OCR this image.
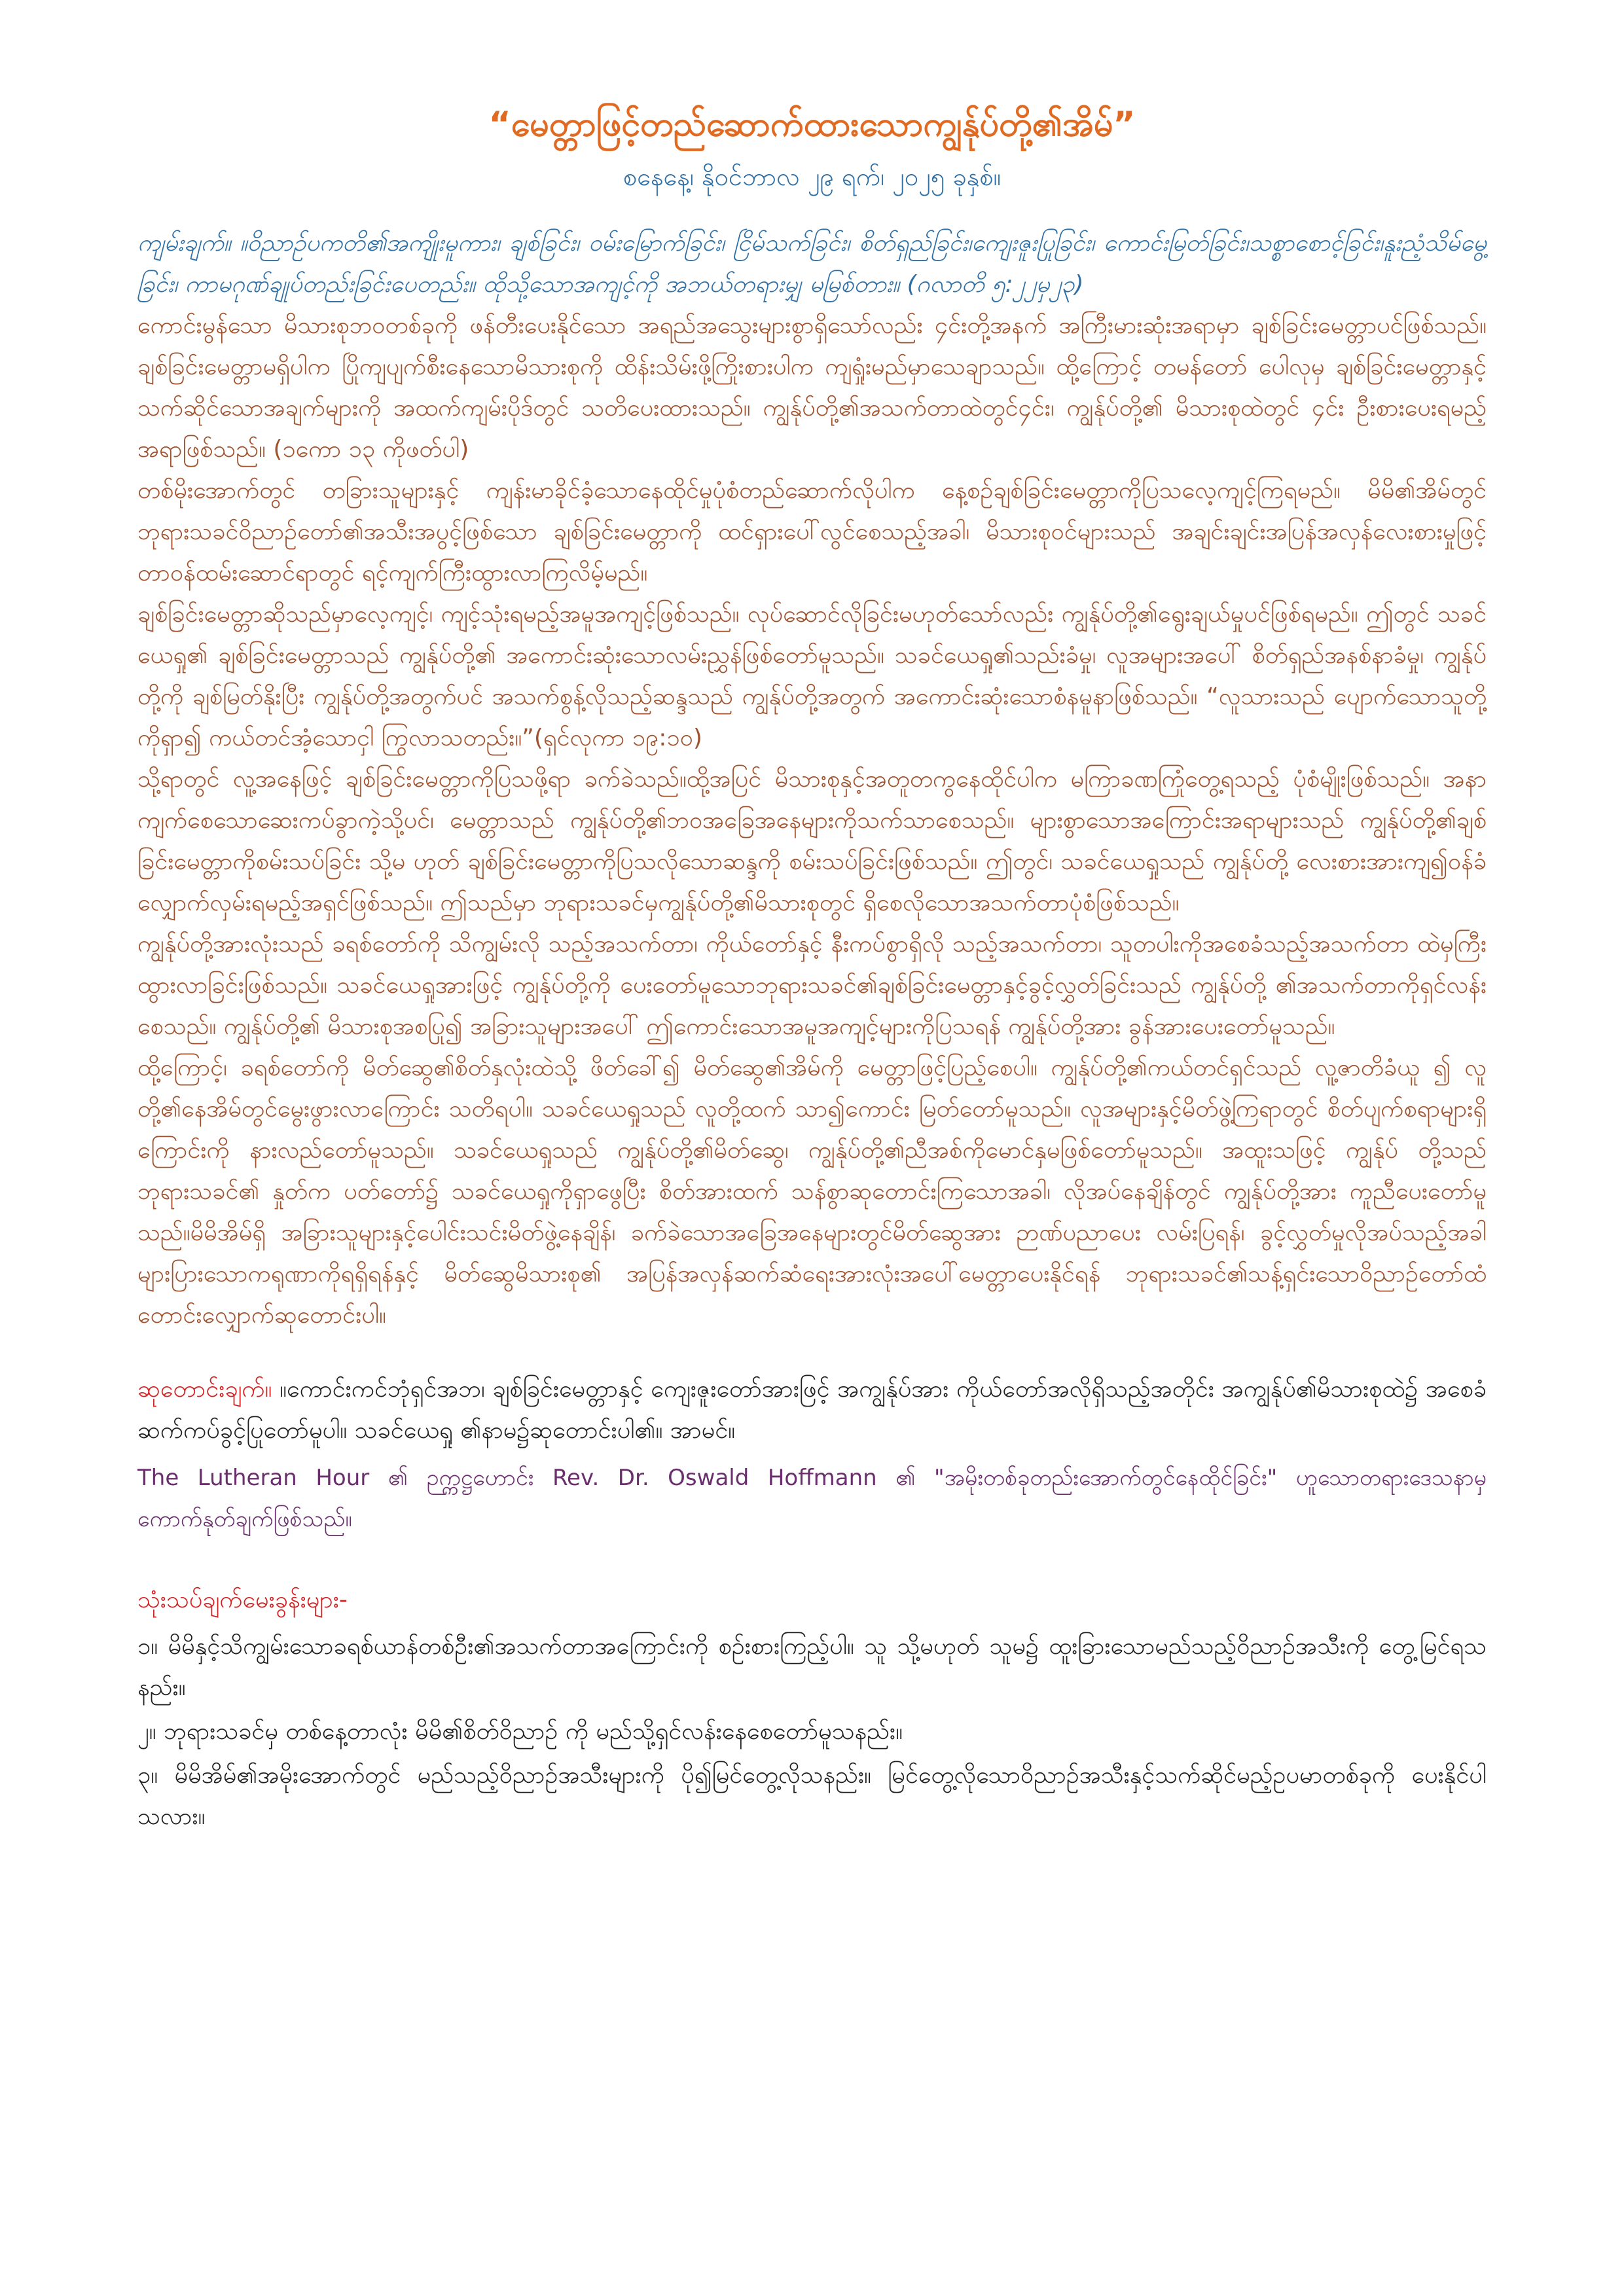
“မေတ္တာဖြင့်တည်ဆောက်ထားသောကျွန်ုပ်တို့၏အိမ်”
စနေနေ့၊ နိုဝင်ဘာလ ၂၉ ရက်၊ ၂၀၂၅ ခုနှစ်။

ကျမ်းချက်။ ။ဝိညာဉ်ပကတိ၏အကျိုးမူကား၊ ချစ်ခြင်း၊ ဝမ်းမြောက်ခြင်း၊ ငြိမ်သက်ခြင်း၊ စိတ်ရှည်ခြင်း၊ကျေးဇူးပြုခြင်း၊ ကောင်းမြတ်ခြင်း၊သစ္စာစောင့်ခြင်း၊နူးညံ့သိမ်မွေ့ခြင်း၊ ကာမဂုဏ်ချုပ်တည်းခြင်းပေတည်း။ ထိုသို့သောအကျင့်ကို အဘယ်တရားမျှ မမြစ်တား။ (ဂလာတိ ၅:၂၂မှ၂၃)

ကောင်းမွန်သော မိသားစုဘဝတစ်ခုကို ဖန်တီးပေးနိုင်သော အရည်အသွေးများစွာရှိသော်လည်း ၄င်းတို့အနက် အကြီးမားဆုံးအရာမှာ ချစ်ခြင်းမေတ္တာပင်ဖြစ်သည်။ ချစ်ခြင်းမေတ္တာမရှိပါက ပြိုကျပျက်စီးနေသောမိသားစုကို ထိန်းသိမ်းဖို့ကြိုးစားပါက ကျရှုံးမည်မှာသေချာသည်။ ထို့ကြောင့် တမန်တော် ပေါလုမှ ချစ်ခြင်းမေတ္တာနှင့်သက်ဆိုင်သောအချက်များကို အထက်ကျမ်းပိုဒ်တွင် သတိပေးထားသည်။ ကျွန်ုပ်တို့၏အသက်တာထဲတွင်၄င်း၊ ကျွန်ုပ်တို့၏ မိသားစုထဲတွင် ၄င်း ဦးစားပေးရမည့်အရာဖြစ်သည်။ (၁ကော ၁၃ ကိုဖတ်ပါ)

တစ်မိုးအောက်တွင် တခြားသူများနှင့် ကျန်းမာခိုင်ခံ့သောနေထိုင်မှုပုံစံတည်ဆောက်လိုပါက နေ့စဉ်ချစ်ခြင်းမေတ္တာကိုပြသလေ့ကျင့်ကြရမည်။ မိမိ၏အိမ်တွင် ဘုရားသခင်ဝိညာဉ်တော်၏အသီးအပွင့်ဖြစ်သော ချစ်ခြင်းမေတ္တာကို ထင်ရှားပေါ်လွင်စေသည့်အခါ၊ မိသားစုဝင်များသည် အချင်းချင်းအပြန်အလှန်လေးစားမှုဖြင့် တာဝန်ထမ်းဆောင်ရာတွင် ရင့်ကျက်ကြီးထွားလာကြလိမ့်မည်။

ချစ်ခြင်းမေတ္တာဆိုသည်မှာလေ့ကျင့်၊ ကျင့်သုံးရမည့်အမူအကျင့်ဖြစ်သည်။ လုပ်ဆောင်လိုခြင်းမဟုတ်သော်လည်း ကျွန်ုပ်တို့၏ရွေးချယ်မှုပင်ဖြစ်ရမည်။ ဤတွင် သခင်ယေရှု၏ ချစ်ခြင်းမေတ္တာသည် ကျွန်ုပ်တို့၏ အကောင်းဆုံးသောလမ်းညွှန်ဖြစ်တော်မူသည်။ သခင်ယေရှု၏သည်းခံမှု၊ လူအများအပေါ် စိတ်ရှည်အနစ်နာခံမှု၊ ကျွန်ုပ်တို့ကို ချစ်မြတ်နိုးပြီး ကျွန်ုပ်တို့အတွက်ပင် အသက်စွန့်လိုသည့်ဆန္ဒသည် ကျွန်ုပ်တို့အတွက် အကောင်းဆုံးသောစံနမူနာဖြစ်သည်။ “လူသားသည် ပျောက်သောသူတို့ကိုရှာ၍ ကယ်တင်အံ့သောငှါ ကြွလာသတည်း။”(ရှင်လုကာ ၁၉:၁၀)

သို့ရာတွင် လူ့အနေဖြင့် ချစ်ခြင်းမေတ္တာကိုပြသဖို့ရာ ခက်ခဲသည်။ထို့အပြင် မိသားစုနှင့်အတူတကွနေထိုင်ပါက မကြာခဏကြုံတွေ့ရသည့် ပုံစံမျိုးဖြစ်သည်။ အနာကျက်စေသောဆေးကပ်ခွာကဲ့သို့ပင်၊ မေတ္တာသည် ကျွန်ုပ်တို့၏ဘဝအခြေအနေများကိုသက်သာစေသည်။ များစွာသောအကြောင်းအရာများသည် ကျွန်ုပ်တို့၏ချစ်ခြင်းမေတ္တာကိုစမ်းသပ်ခြင်း သို့မ ဟုတ် ချစ်ခြင်းမေတ္တာကိုပြသလိုသောဆန္ဒကို စမ်းသပ်ခြင်းဖြစ်သည်။ ဤတွင်၊ သခင်ယေရှုသည် ကျွန်ုပ်တို့ လေးစားအားကျ၍ဝန်ခံလျှောက်လှမ်းရမည့်အရှင်ဖြစ်သည်။ ဤသည်မှာ ဘုရားသခင်မှကျွန်ုပ်တို့၏မိသားစုတွင် ရှိစေလိုသောအသက်တာပုံစံဖြစ်သည်။

ကျွန်ုပ်တို့အားလုံးသည် ခရစ်တော်ကို သိကျွမ်းလို သည့်အသက်တာ၊ ကိုယ်တော်နှင့် နီးကပ်စွာရှိလို သည့်အသက်တာ၊ သူတပါးကိုအစေခံသည့်အသက်တာ ထဲမှကြီးထွားလာခြင်းဖြစ်သည်။ သခင်ယေရှုအားဖြင့် ကျွန်ုပ်တို့ကို ပေးတော်မူသောဘုရားသခင်၏ချစ်ခြင်းမေတ္တာနှင့်ခွင့်လွှတ်ခြင်းသည် ကျွန်ုပ်တို့ ၏အသက်တာကိုရှင်လန်းစေသည်။ ကျွန်ုပ်တို့၏ မိသားစုအစပြု၍ အခြားသူများအပေါ် ဤကောင်းသောအမူအကျင့်များကိုပြသရန် ကျွန်ုပ်တို့အား ခွန်အားပေးတော်မူသည်။

ထို့ကြောင့်၊ ခရစ်တော်ကို မိတ်ဆွေ၏စိတ်နှလုံးထဲသို့ ဖိတ်ခေါ်၍ မိတ်ဆွေ၏အိမ်ကို မေတ္တာဖြင့်ပြည့်စေပါ။ ကျွန်ုပ်တို့၏ကယ်တင်ရှင်သည် လူ့ဇာတိခံယူ ၍ လူတို့၏နေအိမ်တွင်မွေးဖွားလာကြောင်း သတိရပါ။ သခင်ယေရှုသည် လူတို့ထက် သာ၍ကောင်း မြတ်တော်မူသည်။ လူအများနှင့်မိတ်ဖွဲ့ကြရာတွင် စိတ်ပျက်စရာများရှိကြောင်းကို နားလည်တော်မူသည်။ သခင်ယေရှုသည် ကျွန်ုပ်တို့၏မိတ်ဆွေ၊ ကျွန်ုပ်တို့၏ညီအစ်ကိုမောင်နှမဖြစ်တော်မူသည်။ အထူးသဖြင့် ကျွန်ုပ် တို့သည် ဘုရားသခင်၏ နှုတ်က ပတ်တော်၌ သခင်ယေရှုကိုရှာဖွေပြီး စိတ်အားထက် သန်စွာဆုတောင်းကြသောအခါ၊ လိုအပ်နေချိန်တွင် ကျွန်ုပ်တို့အား ကူညီပေးတော်မူသည်။မိမိအိမ်ရှိ အခြားသူများနှင့်ပေါင်းသင်းမိတ်ဖွဲ့နေချိန်၊ ခက်ခဲသောအခြေအနေများတွင်မိတ်ဆွေအား ဉာဏ်ပညာပေး လမ်းပြရန်၊ ခွင့်လွှတ်မှုလိုအပ်သည့်အခါ များပြားသောကရုဏာကိုရရှိရန်နှင့် မိတ်ဆွေမိသားစု၏ အပြန်အလှန်ဆက်ဆံရေးအားလုံးအပေါ်မေတ္တာပေးနိုင်ရန် ဘုရားသခင်၏သန့်ရှင်းသောဝိညာဉ်တော်ထံ တောင်းလျှောက်ဆုတောင်းပါ။

ဆုတောင်းချက်။ ။ကောင်းကင်ဘုံရှင်အဘ၊ ချစ်ခြင်းမေတ္တာနှင့် ကျေးဇူးတော်အားဖြင့် အကျွန်ုပ်အား ကိုယ်တော်အလိုရှိသည့်အတိုင်း အကျွန်ုပ်၏မိသားစုထဲ၌ အစေခံဆက်ကပ်ခွင့်ပြုတော်မူပါ။ သခင်ယေရှု ၏နာမ၌ဆုတောင်းပါ၏။ အာမင်။

The Lutheran Hour ၏ ဉက္ကဋ္ဌဟောင်း Rev. Dr. Oswald Hoffmann ၏ "အမိုးတစ်ခုတည်းအောက်တွင်နေထိုင်ခြင်း" ဟူသောတရားဒေသနာမှ ကောက်နုတ်ချက်ဖြစ်သည်။

သုံးသပ်ချက်မေးခွန်းများ-

၁။ မိမိနှင့်သိကျွမ်းသောခရစ်ယာန်တစ်ဦး၏အသက်တာအကြောင်းကို စဉ်းစားကြည့်ပါ။ သူ သို့မဟုတ် သူမ၌ ထူးခြားသောမည်သည့်ဝိညာဉ်အသီးကို တွေ့မြင်ရသနည်း။

၂။ ဘုရားသခင်မှ တစ်နေ့တာလုံး မိမိ၏စိတ်ဝိညာဉ် ကို မည်သို့ရှင်လန်းနေစေတော်မူသနည်း။

၃။ မိမိအိမ်၏အမိုးအောက်တွင် မည်သည့်ဝိညာဉ်အသီးများကို ပို၍မြင်တွေ့လိုသနည်း။ မြင်တွေ့လိုသောဝိညာဉ်အသီးနှင့်သက်ဆိုင်မည့်ဥပမာတစ်ခုကို ပေးနိုင်ပါသလား။
